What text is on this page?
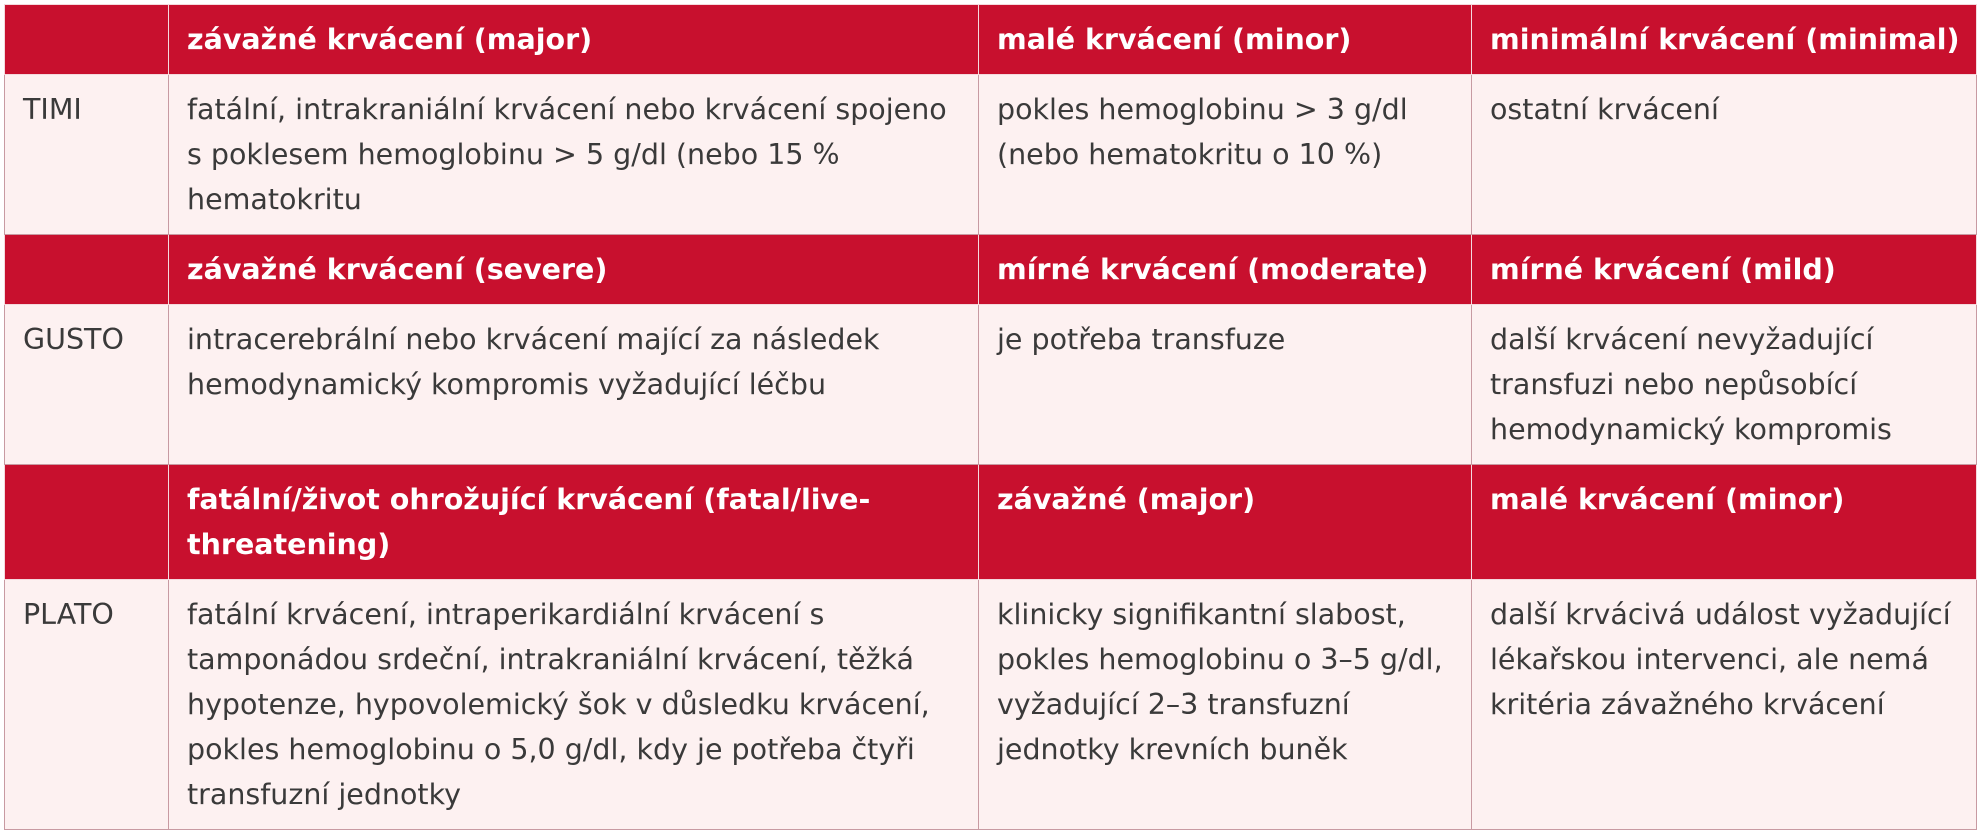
	závažné krvácení (major)	malé krvácení (minor)	minimální krvácení (minimal)
TIMI	fatální, intrakraniální krvácení nebo krvácení spojeno s poklesem hemoglobinu > 5 g/dl (nebo 15 % hematokritu	pokles hemoglobinu > 3 g/dl (nebo hematokritu o 10 %)	ostatní krvácení
	závažné krvácení (severe)	mírné krvácení (moderate)	mírné krvácení (mild)
GUSTO	intracerebrální nebo krvácení mající za následek hemodynamický kompromis vyžadující léčbu	je potřeba transfuze	další krvácení nevyžadující transfuzi nebo nepůsobící hemodynamický kompromis
	fatální/život ohrožující krvácení (fatal/live-threatening)	závažné (major)	malé krvácení (minor)
PLATO	fatální krvácení, intraperikardiální krvácení s tamponádou srdeční, intrakraniální krvácení, těžká hypotenze, hypovolemický šok v důsledku krvácení, pokles hemoglobinu o 5,0 g/dl, kdy je potřeba čtyři transfuzní jednotky	klinicky signifikantní slabost, pokles hemoglobinu o 3–5 g/dl, vyžadující 2–3 transfuzní jednotky krevních buněk	další krvácivá událost vyžadující lékařskou intervenci, ale nemá kritéria závažného krvácení
